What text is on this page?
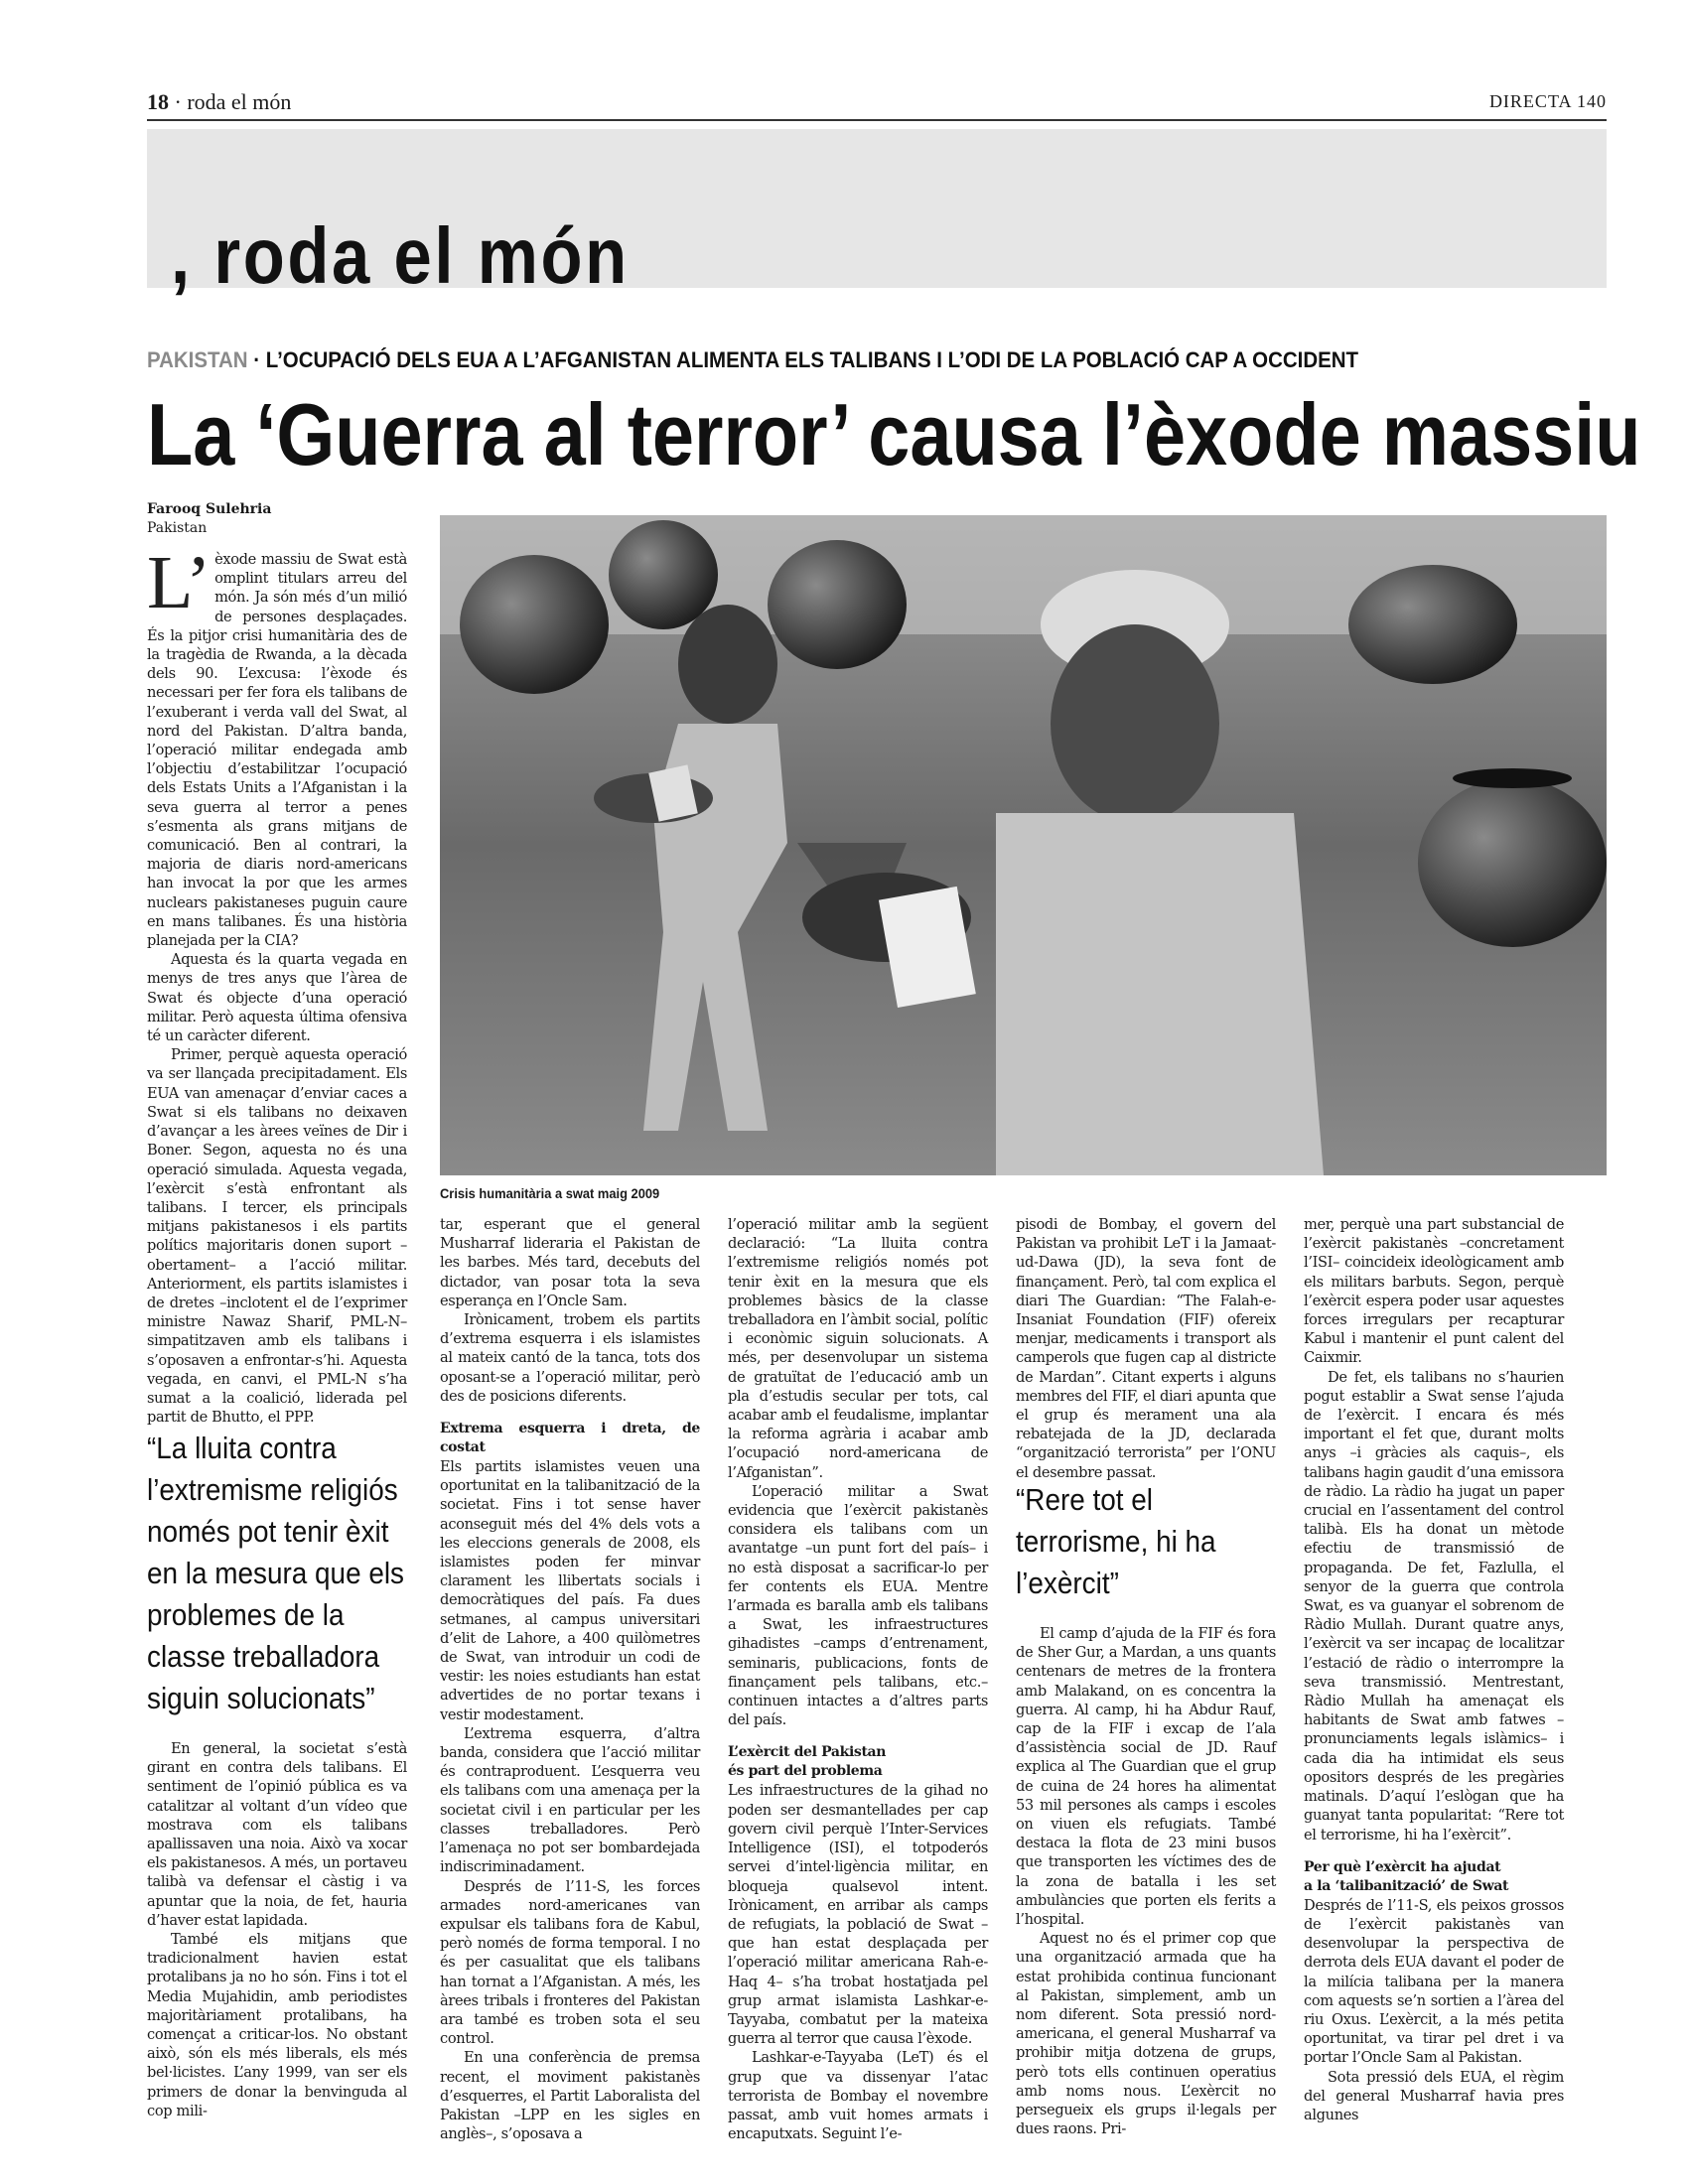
18 · roda el món	DIRECTA 140
, roda el món
PAKISTAN · L’OCUPACIÓ DELS EUA A L’AFGANISTAN ALIMENTA ELS TALIBANS I L’ODI DE LA POBLACIÓ CAP A OCCIDENT
La ‘Guerra al terror’ causa l’èxode massiu
Farooq Sulehria
Pakistan
Crisis humanitària a swat maig 2009

L’ èxode massiu de Swat està omplint titulars arreu del món. Ja són més d’un milió de persones desplaçades. És la pitjor crisi humanitària des de la tragèdia de Rwanda, a la dècada dels 90. L’excusa: l’èxode és necessari per fer fora els talibans de l’exuberant i verda vall del Swat, al nord del Pakistan. D’altra banda, l’operació militar endegada amb l’objectiu d’estabilitzar l’ocupació dels Estats Units a l’Afganistan i la seva guerra al terror a penes s’esmenta als grans mitjans de comunicació. Ben al contrari, la majoria de diaris nord-americans han invocat la por que les armes nuclears pakistaneses puguin caure en mans talibanes. És una història planejada per la CIA?

Aquesta és la quarta vegada en menys de tres anys que l’àrea de Swat és objecte d’una operació militar. Però aquesta última ofensiva té un caràcter diferent.

Primer, perquè aquesta operació va ser llançada precipitadament. Els EUA van amenaçar d’enviar caces a Swat si els talibans no deixaven d’avançar a les àrees veïnes de Dir i Boner. Segon, aquesta no és una operació simulada. Aquesta vegada, l’exèrcit s’està enfrontant als talibans. I tercer, els principals mitjans pakistanesos i els partits polítics majoritaris donen suport –obertament– a l’acció militar. Anteriorment, els partits islamistes i de dretes –inclotent el de l’exprimer ministre Nawaz Sharif, PML-N– simpatitzaven amb els talibans i s’oposaven a enfrontar-s’hi. Aquesta vegada, en canvi, el PML-N s’ha sumat a la coalició, liderada pel partit de Bhutto, el PPP.

“La lluita contra l’extremisme religiós només pot tenir èxit en la mesura que els problemes de la classe treballadora siguin solucionats”

En general, la societat s’està girant en contra dels talibans. El sentiment de l’opinió pública es va catalitzar al voltant d’un vídeo que mostrava com els talibans apallissaven una noia. Això va xocar els pakistanesos. A més, un portaveu talibà va defensar el càstig i va apuntar que la noia, de fet, hauria d’haver estat lapidada.

També els mitjans que tradicionalment havien estat protalibans ja no ho són. Fins i tot el Media Mujahidin, amb periodistes majoritàriament protalibans, ha començat a criticar-los. No obstant això, són els més liberals, els més bel·licistes. L’any 1999, van ser els primers de donar la benvinguda al cop mili-

tar, esperant que el general Musharraf lideraria el Pakistan de les barbes. Més tard, decebuts del dictador, van posar tota la seva esperança en l’Oncle Sam.

Irònicament, trobem els partits d’extrema esquerra i els islamistes al mateix cantó de la tanca, tots dos oposant-se a l’operació militar, però des de posicions diferents.

Extrema esquerra i dreta, de costat

Els partits islamistes veuen una oportunitat en la talibanització de la societat. Fins i tot sense haver aconseguit més del 4% dels vots a les eleccions generals de 2008, els islamistes poden fer minvar clarament les llibertats socials i democràtiques del país. Fa dues setmanes, al campus universitari d’elit de Lahore, a 400 quilòmetres de Swat, van introduir un codi de vestir: les noies estudiants han estat advertides de no portar texans i vestir modestament.

L’extrema esquerra, d’altra banda, considera que l’acció militar és contraproduent. L’esquerra veu els talibans com una amenaça per la societat civil i en particular per les classes treballadores. Però l’amenaça no pot ser bombardejada indiscriminadament.

Després de l’11-S, les forces armades nord-americanes van expulsar els talibans fora de Kabul, però només de forma temporal. I no és per casualitat que els talibans han tornat a l’Afganistan. A més, les àrees tribals i fronteres del Pakistan ara també es troben sota el seu control.

En una conferència de premsa recent, el moviment pakistanès d’esquerres, el Partit Laboralista del Pakistan –LPP en les sigles en anglès–, s’oposava a

l’operació militar amb la següent declaració: “La lluita contra l’extremisme religiós només pot tenir èxit en la mesura que els problemes bàsics de la classe treballadora en l’àmbit social, polític i econòmic siguin solucionats. A més, per desenvolupar un sistema de gratuïtat de l’educació amb un pla d’estudis secular per tots, cal acabar amb el feudalisme, implantar la reforma agrària i acabar amb l’ocupació nord-americana de l’Afganistan”.

L’operació militar a Swat evidencia que l’exèrcit pakistanès considera els talibans com un avantatge –un punt fort del país– i no està disposat a sacrificar-lo per fer contents els EUA. Mentre l’armada es baralla amb els talibans a Swat, les infraestructures gihadistes –camps d’entrenament, seminaris, publicacions, fonts de finançament pels talibans, etc.– continuen intactes a d’altres parts del país.

L’exèrcit del Pakistan
és part del problema

Les infraestructures de la gihad no poden ser desmantellades per cap govern civil perquè l’Inter-Services Intelligence (ISI), el totpoderós servei d’intel·ligència militar, en bloqueja qualsevol intent. Irònicament, en arribar als camps de refugiats, la població de Swat –que han estat desplaçada per l’operació militar americana Rah-e-Haq 4– s’ha trobat hostatjada pel grup armat islamista Lashkar-e-Tayyaba, combatut per la mateixa guerra al terror que causa l’èxode.

Lashkar-e-Tayyaba (LeT) és el grup que va dissenyar l’atac terrorista de Bombay el novembre passat, amb vuit homes armats i encaputxats. Seguint l’e-

pisodi de Bombay, el govern del Pakistan va prohibit LeT i la Jamaat-ud-Dawa (JD), la seva font de finançament. Però, tal com explica el diari The Guardian: “The Falah-e-Insaniat Foundation (FIF) ofereix menjar, medicaments i transport als camperols que fugen cap al districte de Mardan”. Citant experts i alguns membres del FIF, el diari apunta que el grup és merament una ala rebatejada de la JD, declarada “organització terrorista” per l’ONU el desembre passat.

“Rere tot el terrorisme, hi ha l’exèrcit”

El camp d’ajuda de la FIF és fora de Sher Gur, a Mardan, a uns quants centenars de metres de la frontera amb Malakand, on es concentra la guerra. Al camp, hi ha Abdur Rauf, cap de la FIF i excap de l’ala d’assistència social de JD. Rauf explica al The Guardian que el grup de cuina de 24 hores ha alimentat 53 mil persones als camps i escoles on viuen els refugiats. També destaca la flota de 23 mini busos que transporten les víctimes des de la zona de batalla i les set ambulàncies que porten els ferits a l’hospital.

Aquest no és el primer cop que una organització armada que ha estat prohibida continua funcionant al Pakistan, simplement, amb un nom diferent. Sota pressió nord-americana, el general Musharraf va prohibir mitja dotzena de grups, però tots ells continuen operatius amb noms nous. L’exèrcit no persegueix els grups il·legals per dues raons. Pri-

mer, perquè una part substancial de l’exèrcit pakistanès –concretament l’ISI– coincideix ideològicament amb els militars barbuts. Segon, perquè l’exèrcit espera poder usar aquestes forces irregulars per recapturar Kabul i mantenir el punt calent del Caixmir.

De fet, els talibans no s’haurien pogut establir a Swat sense l’ajuda de l’exèrcit. I encara és més important el fet que, durant molts anys –i gràcies als caquis–, els talibans hagin gaudit d’una emissora de ràdio. La ràdio ha jugat un paper crucial en l’assentament del control talibà. Els ha donat un mètode efectiu de transmissió de propaganda. De fet, Fazlulla, el senyor de la guerra que controla Swat, es va guanyar el sobrenom de Ràdio Mullah. Durant quatre anys, l’exèrcit va ser incapaç de localitzar l’estació de ràdio o interrompre la seva transmissió. Mentrestant, Ràdio Mullah ha amenaçat els habitants de Swat amb fatwes –pronunciaments legals islàmics– i cada dia ha intimidat els seus opositors després de les pregàries matinals. D’aquí l’eslògan que ha guanyat tanta popularitat: “Rere tot el terrorisme, hi ha l’exèrcit”.

Per què l’exèrcit ha ajudat
a la ‘talibanització’ de Swat

Després de l’11-S, els peixos grossos de l’exèrcit pakistanès van desenvolupar la perspectiva de derrota dels EUA davant el poder de la milícia talibana per la manera com aquests se’n sortien a l’àrea del riu Oxus. L’exèrcit, a la més petita oportunitat, va tirar pel dret i va portar l’Oncle Sam al Pakistan.

Sota pressió dels EUA, el règim del general Musharraf havia pres algunes
